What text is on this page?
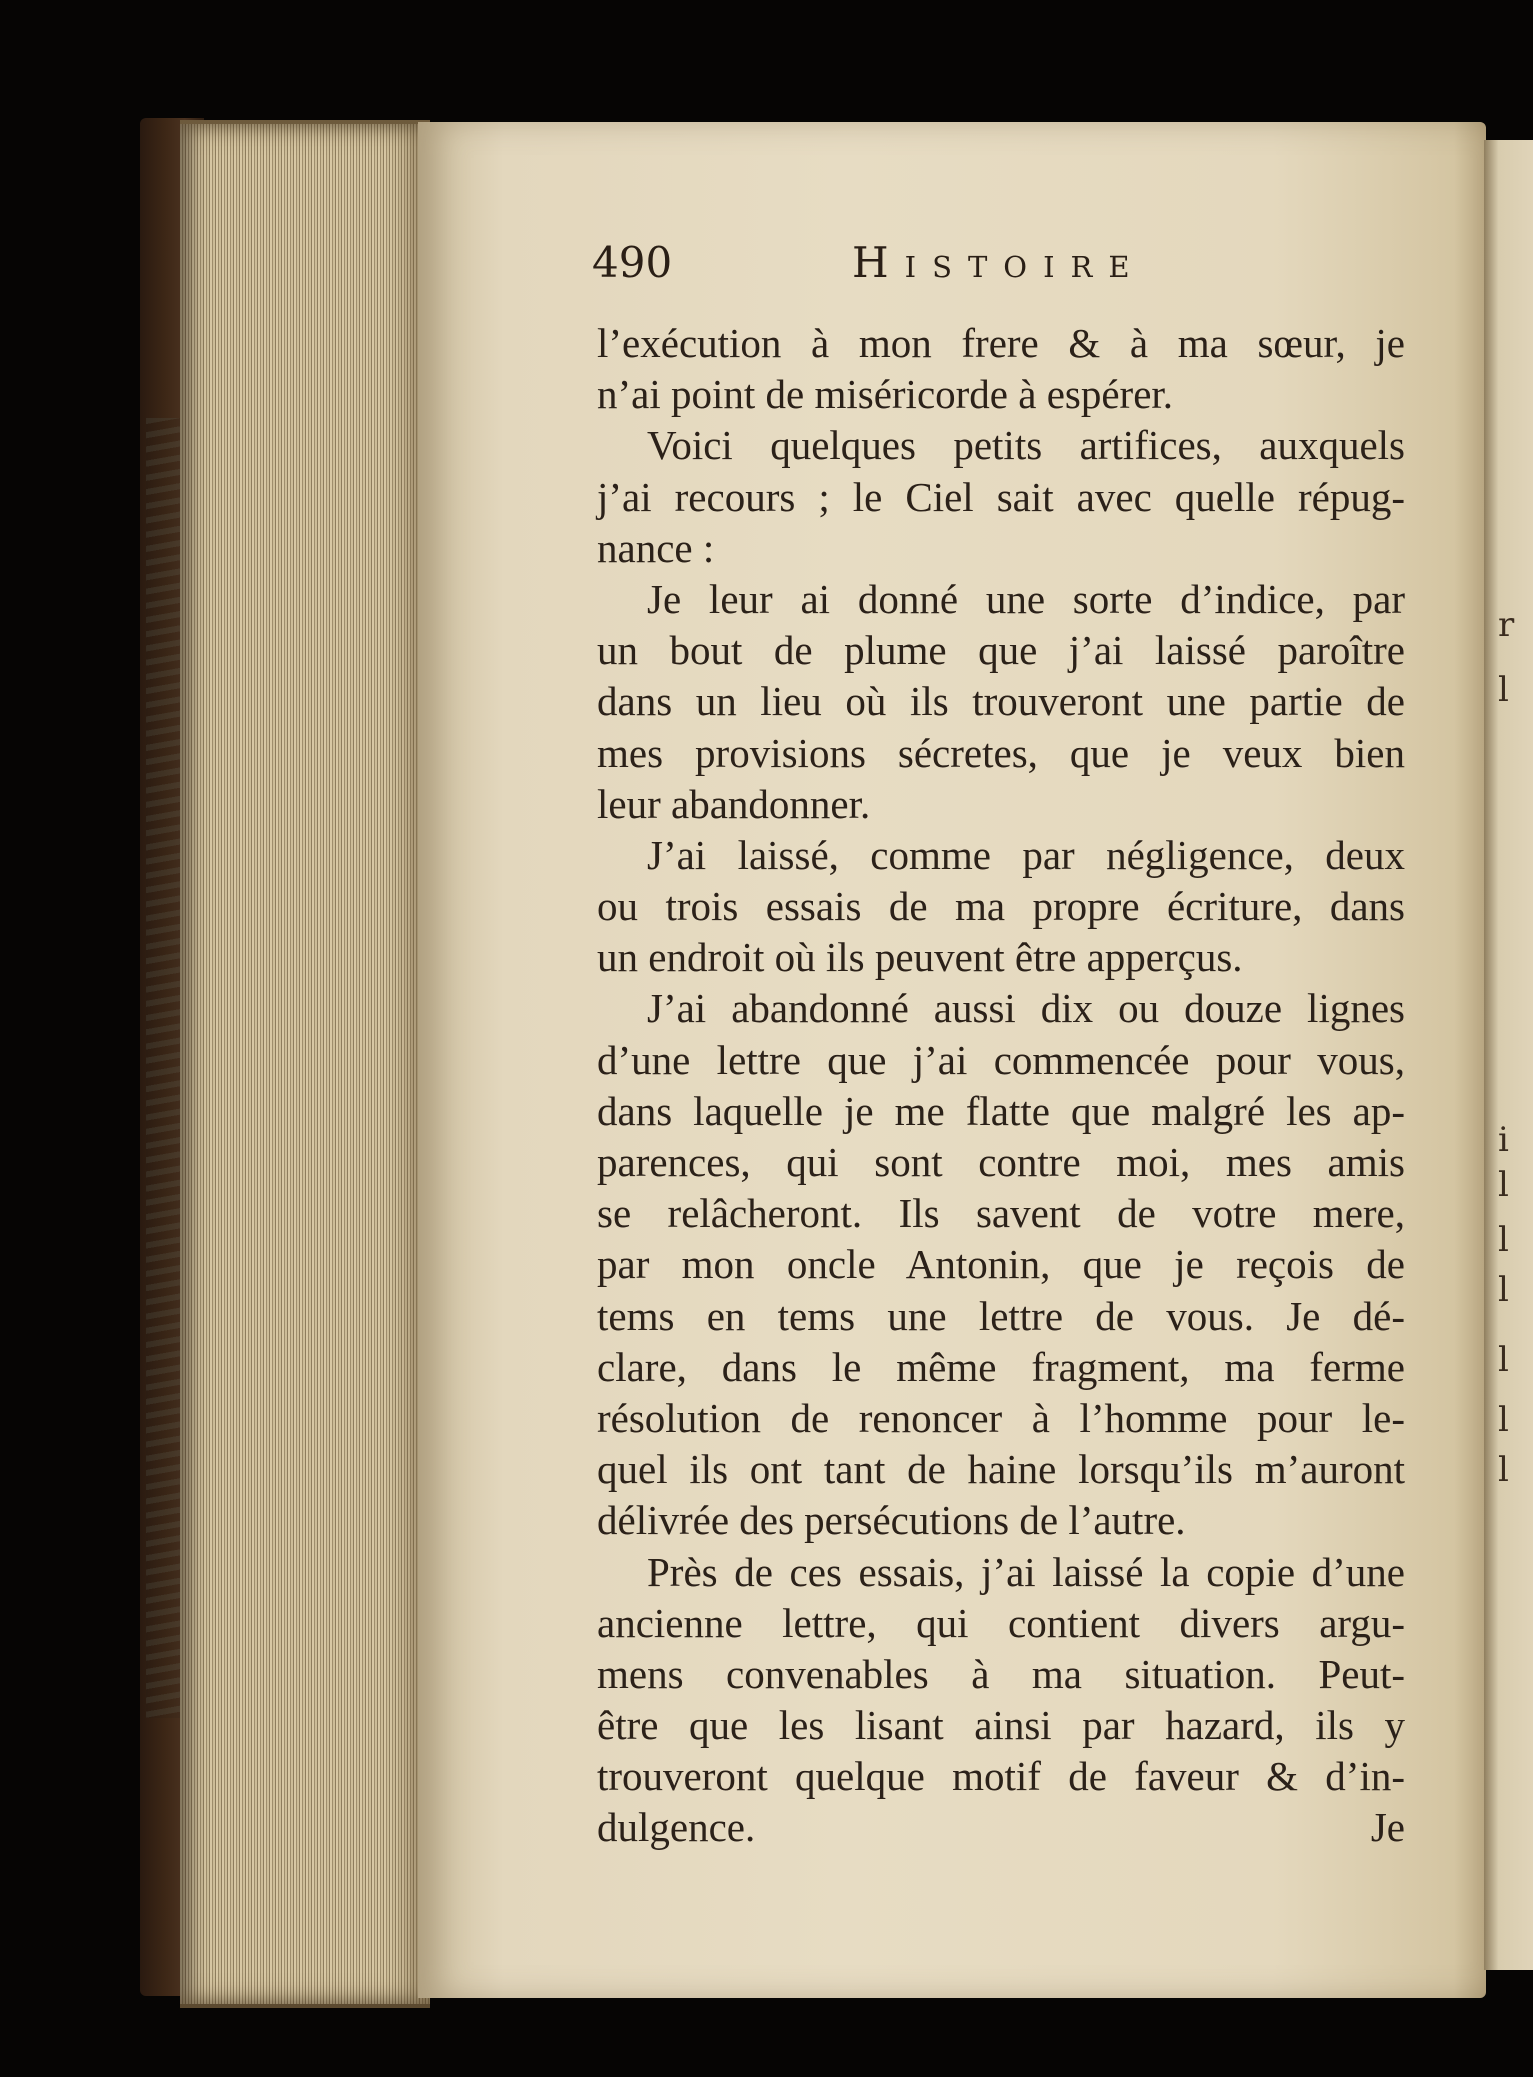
r
l
i
l
l
l
l
l
l
490	Histoire
l’exécution à mon frere & à ma sœur, je
n’ai point de miséricorde à espérer.
Voici quelques petits artifices, auxquels
j’ai recours ; le Ciel sait avec quelle répug-
nance :
Je leur ai donné une sorte d’indice, par
un bout de plume que j’ai laissé paroître
dans un lieu où ils trouveront une partie de
mes provisions sécretes, que je veux bien
leur abandonner.
J’ai laissé, comme par négligence, deux
ou trois essais de ma propre écriture, dans
un endroit où ils peuvent être apperçus.
J’ai abandonné aussi dix ou douze lignes
d’une lettre que j’ai commencée pour vous,
dans laquelle je me flatte que malgré les ap-
parences, qui sont contre moi, mes amis
se relâcheront. Ils savent de votre mere,
par mon oncle Antonin, que je reçois de
tems en tems une lettre de vous. Je dé-
clare, dans le même fragment, ma ferme
résolution de renoncer à l’homme pour le-
quel ils ont tant de haine lorsqu’ils m’auront
délivrée des persécutions de l’autre.
Près de ces essais, j’ai laissé la copie d’une
ancienne lettre, qui contient divers argu-
mens convenables à ma situation. Peut-
être que les lisant ainsi par hazard, ils y
trouveront quelque motif de faveur & d’in-
dulgence. Je
